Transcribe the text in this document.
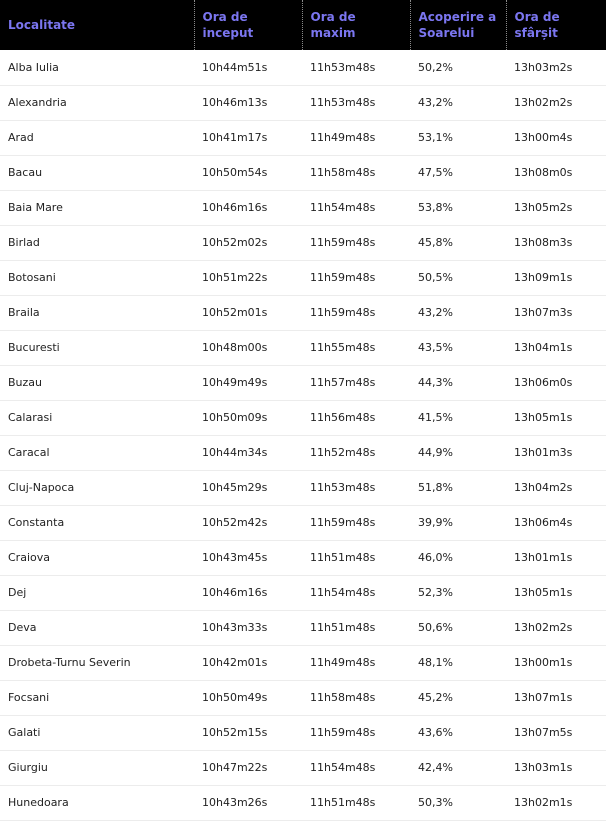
Localitate	Ora de inceput	Ora de maxim	Acoperire a Soarelui	Ora de sfârșit
Alba Iulia	10h44m51s	11h53m48s	50,2%	13h03m2s
Alexandria	10h46m13s	11h53m48s	43,2%	13h02m2s
Arad	10h41m17s	11h49m48s	53,1%	13h00m4s
Bacau	10h50m54s	11h58m48s	47,5%	13h08m0s
Baia Mare	10h46m16s	11h54m48s	53,8%	13h05m2s
Birlad	10h52m02s	11h59m48s	45,8%	13h08m3s
Botosani	10h51m22s	11h59m48s	50,5%	13h09m1s
Braila	10h52m01s	11h59m48s	43,2%	13h07m3s
Bucuresti	10h48m00s	11h55m48s	43,5%	13h04m1s
Buzau	10h49m49s	11h57m48s	44,3%	13h06m0s
Calarasi	10h50m09s	11h56m48s	41,5%	13h05m1s
Caracal	10h44m34s	11h52m48s	44,9%	13h01m3s
Cluj-Napoca	10h45m29s	11h53m48s	51,8%	13h04m2s
Constanta	10h52m42s	11h59m48s	39,9%	13h06m4s
Craiova	10h43m45s	11h51m48s	46,0%	13h01m1s
Dej	10h46m16s	11h54m48s	52,3%	13h05m1s
Deva	10h43m33s	11h51m48s	50,6%	13h02m2s
Drobeta-Turnu Severin	10h42m01s	11h49m48s	48,1%	13h00m1s
Focsani	10h50m49s	11h58m48s	45,2%	13h07m1s
Galati	10h52m15s	11h59m48s	43,6%	13h07m5s
Giurgiu	10h47m22s	11h54m48s	42,4%	13h03m1s
Hunedoara	10h43m26s	11h51m48s	50,3%	13h02m1s
